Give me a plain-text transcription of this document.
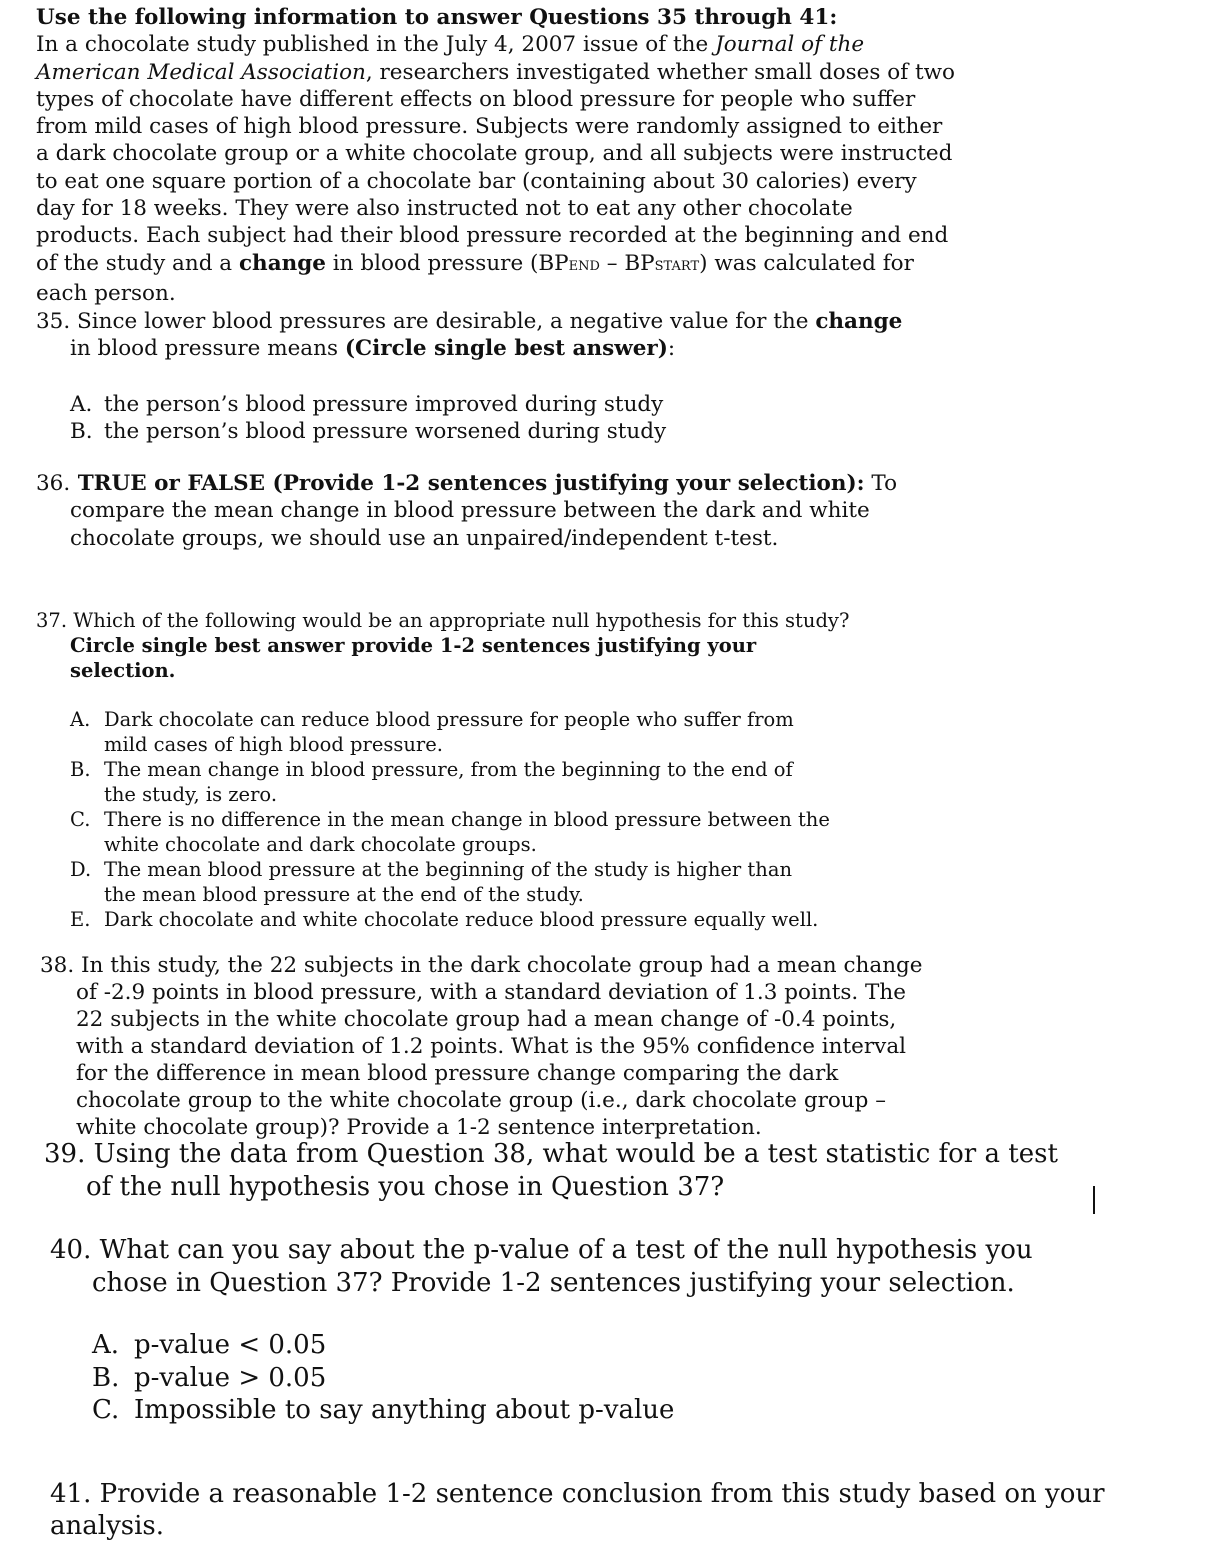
Use the following information to answer Questions 35 through 41:

In a chocolate study published in the July 4, 2007 issue of the Journal of the American Medical Association, researchers investigated whether small doses of two types of chocolate have different effects on blood pressure for people who suffer from mild cases of high blood pressure. Subjects were randomly assigned to either a dark chocolate group or a white chocolate group, and all subjects were instructed to eat one square portion of a chocolate bar (containing about 30 calories) every day for 18 weeks. They were also instructed not to eat any other chocolate products. Each subject had their blood pressure recorded at the beginning and end of the study and a change in blood pressure (BPEND – BPSTART) was calculated for each person.

35. Since lower blood pressures are desirable, a negative value for the change in blood pressure means (Circle single best answer):

A. the person’s blood pressure improved during study
B. the person’s blood pressure worsened during study

36. TRUE or FALSE (Provide 1-2 sentences justifying your selection): To compare the mean change in blood pressure between the dark and white chocolate groups, we should use an unpaired/independent t-test.

37. Which of the following would be an appropriate null hypothesis for this study? Circle single best answer provide 1-2 sentences justifying your selection.

A. Dark chocolate can reduce blood pressure for people who suffer from mild cases of high blood pressure.
B. The mean change in blood pressure, from the beginning to the end of the study, is zero.
C. There is no difference in the mean change in blood pressure between the white chocolate and dark chocolate groups.
D. The mean blood pressure at the beginning of the study is higher than the mean blood pressure at the end of the study.
E. Dark chocolate and white chocolate reduce blood pressure equally well.

38. In this study, the 22 subjects in the dark chocolate group had a mean change of -2.9 points in blood pressure, with a standard deviation of 1.3 points. The 22 subjects in the white chocolate group had a mean change of -0.4 points, with a standard deviation of 1.2 points. What is the 95% confidence interval for the difference in mean blood pressure change comparing the dark chocolate group to the white chocolate group (i.e., dark chocolate group – white chocolate group)? Provide a 1-2 sentence interpretation.

39. Using the data from Question 38, what would be a test statistic for a test of the null hypothesis you chose in Question 37?

40. What can you say about the p-value of a test of the null hypothesis you chose in Question 37? Provide 1-2 sentences justifying your selection.

A. p-value < 0.05
B. p-value > 0.05
C. Impossible to say anything about p-value

41. Provide a reasonable 1-2 sentence conclusion from this study based on your analysis.
